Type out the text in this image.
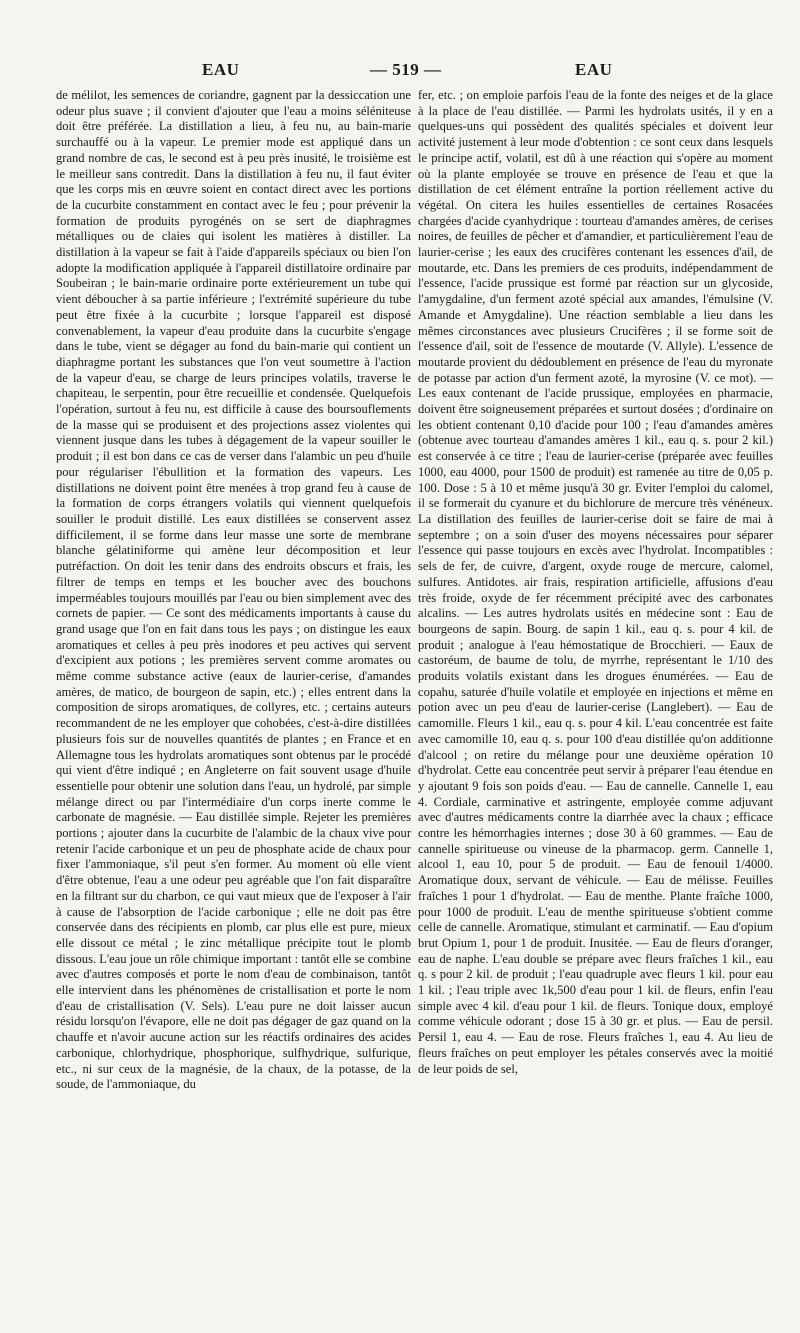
EAU	— 519 —	EAU

de mélilot, les semences de coriandre, gagnent par la dessiccation une odeur plus suave ; il convient d'ajouter que l'eau a moins séléniteuse doit être préférée. La distillation a lieu, à feu nu, au bain-marie surchauffé ou à la vapeur. Le premier mode est appliqué dans un grand nombre de cas, le second est à peu près inusité, le troisième est le meilleur sans contredit. Dans la distillation à feu nu, il faut éviter que les corps mis en œuvre soient en contact direct avec les portions de la cucurbite constamment en contact avec le feu ; pour prévenir la formation de produits pyrogénés on se sert de diaphragmes métalliques ou de claies qui isolent les matières à distiller. La distillation à la vapeur se fait à l'aide d'appareils spéciaux ou bien l'on adopte la modification appliquée à l'appareil distillatoire ordinaire par Soubeiran ; le bain-marie ordinaire porte extérieurement un tube qui vient déboucher à sa partie inférieure ; l'extrémité supérieure du tube peut être fixée à la cucurbite ; lorsque l'appareil est disposé convenablement, la vapeur d'eau produite dans la cucurbite s'engage dans le tube, vient se dégager au fond du bain-marie qui contient un diaphragme portant les substances que l'on veut soumettre à l'action de la vapeur d'eau, se charge de leurs principes volatils, traverse le chapiteau, le serpentin, pour être recueillie et condensée. Quelquefois l'opération, surtout à feu nu, est difficile à cause des boursouflements de la masse qui se produisent et des projections assez violentes qui viennent jusque dans les tubes à dégagement de la vapeur souiller le produit ; il est bon dans ce cas de verser dans l'alambic un peu d'huile pour régulariser l'ébullition et la formation des vapeurs. Les distillations ne doivent point être menées à trop grand feu à cause de la formation de corps étrangers volatils qui viennent quelquefois souiller le produit distillé. Les eaux distillées se conservent assez difficilement, il se forme dans leur masse une sorte de membrane blanche gélatiniforme qui amène leur décomposition et leur putréfaction. On doit les tenir dans des endroits obscurs et frais, les filtrer de temps en temps et les boucher avec des bouchons imperméables toujours mouillés par l'eau ou bien simplement avec des cornets de papier. — Ce sont des médicaments importants à cause du grand usage que l'on en fait dans tous les pays ; on distingue les eaux aromatiques et celles à peu près inodores et peu actives qui servent d'excipient aux potions ; les premières servent comme aromates ou même comme substance active (eaux de laurier-cerise, d'amandes amères, de matico, de bourgeon de sapin, etc.) ; elles entrent dans la composition de sirops aromatiques, de collyres, etc. ; certains auteurs recommandent de ne les employer que cohobées, c'est-à-dire distillées plusieurs fois sur de nouvelles quantités de plantes ; en France et en Allemagne tous les hydrolats aromatiques sont obtenus par le procédé qui vient d'être indiqué ; en Angleterre on fait souvent usage d'huile essentielle pour obtenir une solution dans l'eau, un hydrolé, par simple mélange direct ou par l'intermédiaire d'un corps inerte comme le carbonate de magnésie. — Eau distillée simple. Rejeter les premières portions ; ajouter dans la cucurbite de l'alambic de la chaux vive pour retenir l'acide carbonique et un peu de phosphate acide de chaux pour fixer l'ammoniaque, s'il peut s'en former. Au moment où elle vient d'être obtenue, l'eau a une odeur peu agréable que l'on fait disparaître en la filtrant sur du charbon, ce qui vaut mieux que de l'exposer à l'air à cause de l'absorption de l'acide carbonique ; elle ne doit pas être conservée dans des récipients en plomb, car plus elle est pure, mieux elle dissout ce métal ; le zinc métallique précipite tout le plomb dissous. L'eau joue un rôle chimique important : tantôt elle se combine avec d'autres composés et porte le nom d'eau de combinaison, tantôt elle intervient dans les phénomènes de cristallisation et porte le nom d'eau de cristallisation (V. Sels). L'eau pure ne doit laisser aucun résidu lorsqu'on l'évapore, elle ne doit pas dégager de gaz quand on la chauffe et n'avoir aucune action sur les réactifs ordinaires des acides carbonique, chlorhydrique, phosphorique, sulfhydrique, sulfurique, etc., ni sur ceux de la magnésie, de la chaux, de la potasse, de la soude, de l'ammoniaque, du

fer, etc. ; on emploie parfois l'eau de la fonte des neiges et de la glace à la place de l'eau distillée. — Parmi les hydrolats usités, il y en a quelques-uns qui possèdent des qualités spéciales et doivent leur activité justement à leur mode d'obtention : ce sont ceux dans lesquels le principe actif, volatil, est dû à une réaction qui s'opère au moment où la plante employée se trouve en présence de l'eau et que la distillation de cet élément entraîne la portion réellement active du végétal. On citera les huiles essentielles de certaines Rosacées chargées d'acide cyanhydrique : tourteau d'amandes amères, de cerises noires, de feuilles de pêcher et d'amandier, et particulièrement l'eau de laurier-cerise ; les eaux des crucifères contenant les essences d'ail, de moutarde, etc. Dans les premiers de ces produits, indépendamment de l'essence, l'acide prussique est formé par réaction sur un glycoside, l'amygdaline, d'un ferment azoté spécial aux amandes, l'émulsine (V. Amande et Amygdaline). Une réaction semblable a lieu dans les mêmes circonstances avec plusieurs Crucifères ; il se forme soit de l'essence d'ail, soit de l'essence de moutarde (V. Allyle). L'essence de moutarde provient du dédoublement en présence de l'eau du myronate de potasse par action d'un ferment azoté, la myrosine (V. ce mot). — Les eaux contenant de l'acide prussique, employées en pharmacie, doivent être soigneusement préparées et surtout dosées ; d'ordinaire on les obtient contenant 0,10 d'acide pour 100 ; l'eau d'amandes amères (obtenue avec tourteau d'amandes amères 1 kil., eau q. s. pour 2 kil.) est conservée à ce titre ; l'eau de laurier-cerise (préparée avec feuilles 1000, eau 4000, pour 1500 de produit) est ramenée au titre de 0,05 p. 100. Dose : 5 à 10 et même jusqu'à 30 gr. Eviter l'emploi du calomel, il se formerait du cyanure et du bichlorure de mercure très vénéneux. La distillation des feuilles de laurier-cerise doit se faire de mai à septembre ; on a soin d'user des moyens nécessaires pour séparer l'essence qui passe toujours en excès avec l'hydrolat. Incompatibles : sels de fer, de cuivre, d'argent, oxyde rouge de mercure, calomel, sulfures. Antidotes. air frais, respiration artificielle, affusions d'eau très froide, oxyde de fer récemment précipité avec des carbonates alcalins. — Les autres hydrolats usités en médecine sont : Eau de bourgeons de sapin. Bourg. de sapin 1 kil., eau q. s. pour 4 kil. de produit ; analogue à l'eau hémostatique de Brocchieri. — Eaux de castoréum, de baume de tolu, de myrrhe, représentant le 1/10 des produits volatils existant dans les drogues énumérées. — Eau de copahu, saturée d'huile volatile et employée en injections et même en potion avec un peu d'eau de laurier-cerise (Langlebert). — Eau de camomille. Fleurs 1 kil., eau q. s. pour 4 kil. L'eau concentrée est faite avec camomille 10, eau q. s. pour 100 d'eau distillée qu'on additionne d'alcool ; on retire du mélange pour une deuxième opération 10 d'hydrolat. Cette eau concentrée peut servir à préparer l'eau étendue en y ajoutant 9 fois son poids d'eau. — Eau de cannelle. Cannelle 1, eau 4. Cordiale, carminative et astringente, employée comme adjuvant avec d'autres médicaments contre la diarrhée avec la chaux ; efficace contre les hémorrhagies internes ; dose 30 à 60 grammes. — Eau de cannelle spiritueuse ou vineuse de la pharmacop. germ. Cannelle 1, alcool 1, eau 10, pour 5 de produit. — Eau de fenouil 1/4000. Aromatique doux, servant de véhicule. — Eau de mélisse. Feuilles fraîches 1 pour 1 d'hydrolat. — Eau de menthe. Plante fraîche 1000, pour 1000 de produit. L'eau de menthe spiritueuse s'obtient comme celle de cannelle. Aromatique, stimulant et carminatif. — Eau d'opium brut Opium 1, pour 1 de produit. Inusitée. — Eau de fleurs d'oranger, eau de naphe. L'eau double se prépare avec fleurs fraîches 1 kil., eau q. s pour 2 kil. de produit ; l'eau quadruple avec fleurs 1 kil. pour eau 1 kil. ; l'eau triple avec 1k,500 d'eau pour 1 kil. de fleurs, enfin l'eau simple avec 4 kil. d'eau pour 1 kil. de fleurs. Tonique doux, employé comme véhicule odorant ; dose 15 à 30 gr. et plus. — Eau de persil. Persil 1, eau 4. — Eau de rose. Fleurs fraîches 1, eau 4. Au lieu de fleurs fraîches on peut employer les pétales conservés avec la moitié de leur poids de sel,
